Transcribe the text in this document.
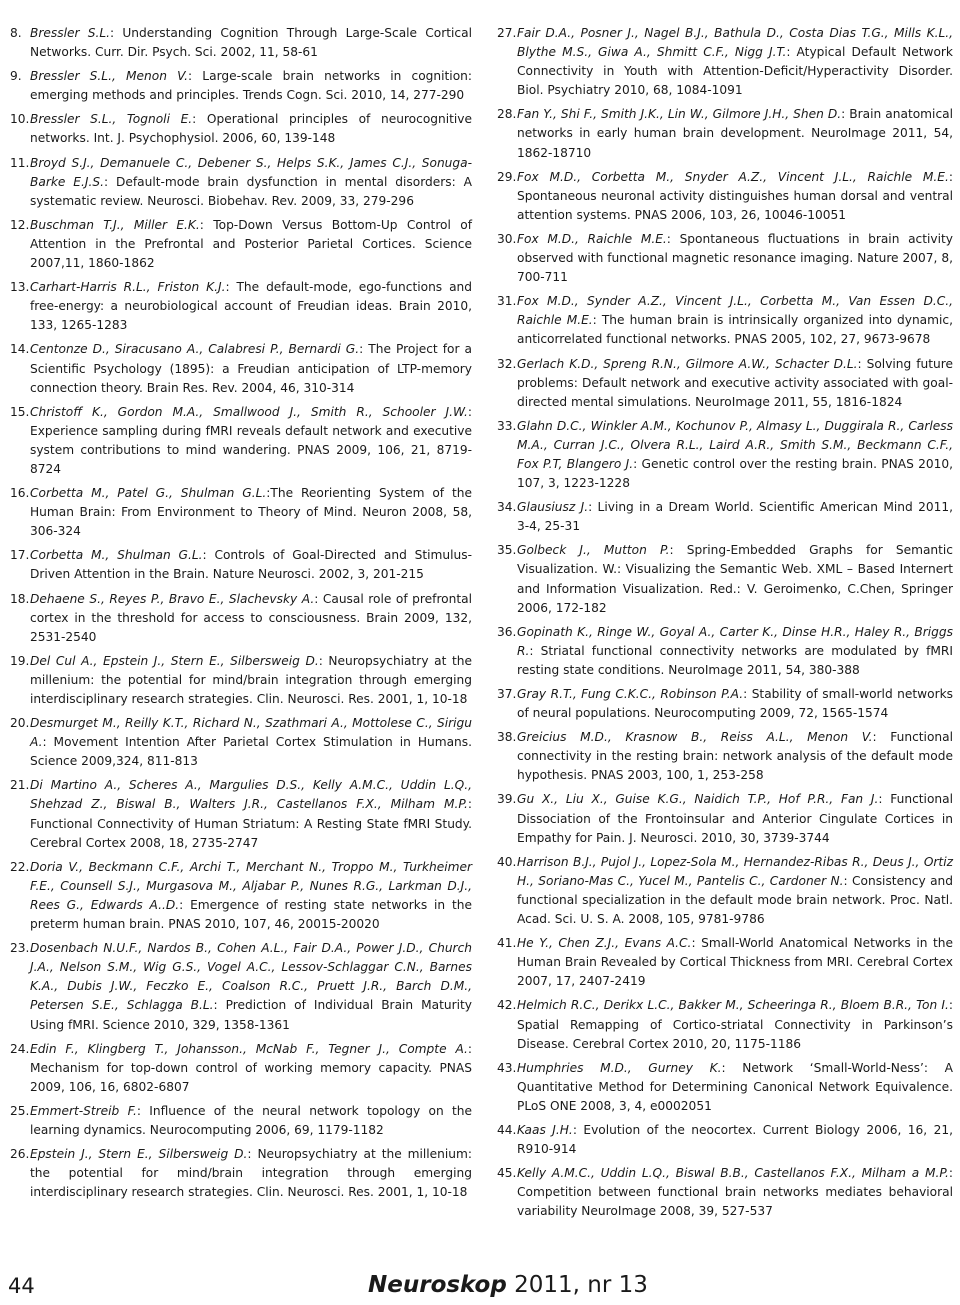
8. Bressler S.L.: Understanding Cognition Through Large-Scale Cortical Networks. Curr. Dir. Psych. Sci. 2002, 11, 58-61
9. Bressler S.L., Menon V.: Large-scale brain networks in cognition: emerging methods and principles. Trends Cogn. Sci. 2010, 14, 277-290
10. Bressler S.L., Tognoli E.: Operational principles of neurocognitive networks. Int. J. Psychophysiol. 2006, 60, 139-148
11. Broyd S.J., Demanuele C., Debener S., Helps S.K., James C.J., Sonuga-Barke E.J.S.: Default-mode brain dysfunction in mental disorders: A systematic review. Neurosci. Biobehav. Rev. 2009, 33, 279-296
12. Buschman T.J., Miller E.K.: Top-Down Versus Bottom-Up Control of Attention in the Prefrontal and Posterior Parietal Cortices. Science 2007,11, 1860-1862
13. Carhart-Harris R.L., Friston K.J.: The default-mode, ego-functions and free-energy: a neurobiological account of Freudian ideas. Brain 2010, 133, 1265-1283
14. Centonze D., Siracusano A., Calabresi P., Bernardi G.: The Project for a Scientific Psychology (1895): a Freudian anticipation of LTP-memory connection theory. Brain Res. Rev. 2004, 46, 310-314
15. Christoff K., Gordon M.A., Smallwood J., Smith R., Schooler J.W.: Experience sampling during fMRI reveals default network and executive system contributions to mind wandering. PNAS 2009, 106, 21, 8719-8724
16. Corbetta M., Patel G., Shulman G.L.:The Reorienting System of the Human Brain: From Environment to Theory of Mind. Neuron 2008, 58, 306-324
17. Corbetta M., Shulman G.L.: Controls of Goal-Directed and Stimulus-Driven Attention in the Brain. Nature Neurosci. 2002, 3, 201-215
18. Dehaene S., Reyes P., Bravo E., Slachevsky A.: Causal role of prefrontal cortex in the threshold for access to consciousness. Brain 2009, 132, 2531-2540
19. Del Cul A., Epstein J., Stern E., Silbersweig D.: Neuropsychiatry at the millenium: the potential for mind/brain integration through emerging interdisciplinary research strategies. Clin. Neurosci. Res. 2001, 1, 10-18
20. Desmurget M., Reilly K.T., Richard N., Szathmari A., Mottolese C., Sirigu A.: Movement Intention After Parietal Cortex Stimulation in Humans. Science 2009,324, 811-813
21. Di Martino A., Scheres A., Margulies D.S., Kelly A.M.C., Uddin L.Q., Shehzad Z., Biswal B., Walters J.R., Castellanos F.X., Milham M.P.: Functional Connectivity of Human Striatum: A Resting State fMRI Study. Cerebral Cortex 2008, 18, 2735-2747
22. Doria V., Beckmann C.F., Archi T., Merchant N., Troppo M., Turkheimer F.E., Counsell S.J., Murgasova M., Aljabar P., Nunes R.G., Larkman D.J., Rees G., Edwards A..D.: Emergence of resting state networks in the preterm human brain. PNAS 2010, 107, 46, 20015-20020
23. Dosenbach N.U.F., Nardos B., Cohen A.L., Fair D.A., Power J.D., Church J.A., Nelson S.M., Wig G.S., Vogel A.C., Lessov-Schlaggar C.N., Barnes K.A., Dubis J.W., Feczko E., Coalson R.C., Pruett J.R., Barch D.M., Petersen S.E., Schlagga B.L.: Prediction of Individual Brain Maturity Using fMRI. Science 2010, 329, 1358-1361
24. Edin F., Klingberg T., Johansson., McNab F., Tegner J., Compte A.: Mechanism for top-down control of working memory capacity. PNAS 2009, 106, 16, 6802-6807
25. Emmert-Streib F.: Influence of the neural network topology on the learning dynamics. Neurocomputing 2006, 69, 1179-1182
26. Epstein J., Stern E., Silbersweig D.: Neuropsychiatry at the millenium: the potential for mind/brain integration through emerging interdisciplinary research strategies. Clin. Neurosci. Res. 2001, 1, 10-18
27. Fair D.A., Posner J., Nagel B.J., Bathula D., Costa Dias T.G., Mills K.L., Blythe M.S., Giwa A., Shmitt C.F., Nigg J.T.: Atypical Default Network Connectivity in Youth with Attention-Deficit/Hyperactivity Disorder. Biol. Psychiatry 2010, 68, 1084-1091
28. Fan Y., Shi F., Smith J.K., Lin W., Gilmore J.H., Shen D.: Brain anatomical networks in early human brain development. NeuroImage 2011, 54, 1862-18710
29. Fox M.D., Corbetta M., Snyder A.Z., Vincent J.L., Raichle M.E.: Spontaneous neuronal activity distinguishes human dorsal and ventral attention systems. PNAS 2006, 103, 26, 10046-10051
30. Fox M.D., Raichle M.E.: Spontaneous fluctuations in brain activity observed with functional magnetic resonance imaging. Nature 2007, 8, 700-711
31. Fox M.D., Synder A.Z., Vincent J.L., Corbetta M., Van Essen D.C., Raichle M.E.: The human brain is intrinsically organized into dynamic, anticorrelated functional networks. PNAS 2005, 102, 27, 9673-9678
32. Gerlach K.D., Spreng R.N., Gilmore A.W., Schacter D.L.: Solving future problems: Default network and executive activity associated with goal-directed mental simulations. NeuroImage 2011, 55, 1816-1824
33. Glahn D.C., Winkler A.M., Kochunov P., Almasy L., Duggirala R., Carless M.A., Curran J.C., Olvera R.L., Laird A.R., Smith S.M., Beckmann C.F., Fox P.T, Blangero J.: Genetic control over the resting brain. PNAS 2010, 107, 3, 1223-1228
34. Glausiusz J.: Living in a Dream World. Scientific American Mind 2011, 3-4, 25-31
35. Golbeck J., Mutton P.: Spring-Embedded Graphs for Semantic Visualization. W.: Visualizing the Semantic Web. XML – Based Internert and Information Visualization. Red.: V. Geroimenko, C.Chen, Springer 2006, 172-182
36. Gopinath K., Ringe W., Goyal A., Carter K., Dinse H.R., Haley R., Briggs R.: Striatal functional connectivity networks are modulated by fMRI resting state conditions. NeuroImage 2011, 54, 380-388
37. Gray R.T., Fung C.K.C., Robinson P.A.: Stability of small-world networks of neural populations. Neurocomputing 2009, 72, 1565-1574
38. Greicius M.D., Krasnow B., Reiss A.L., Menon V.: Functional connectivity in the resting brain: network analysis of the default mode hypothesis. PNAS 2003, 100, 1, 253-258
39. Gu X., Liu X., Guise K.G., Naidich T.P., Hof P.R., Fan J.: Functional Dissociation of the Frontoinsular and Anterior Cingulate Cortices in Empathy for Pain. J. Neurosci. 2010, 30, 3739-3744
40. Harrison B.J., Pujol J., Lopez-Sola M., Hernandez-Ribas R., Deus J., Ortiz H., Soriano-Mas C., Yucel M., Pantelis C., Cardoner N.: Consistency and functional specialization in the default mode brain network. Proc. Natl. Acad. Sci. U. S. A. 2008, 105, 9781-9786
41. He Y., Chen Z.J., Evans A.C.: Small-World Anatomical Networks in the Human Brain Revealed by Cortical Thickness from MRI. Cerebral Cortex 2007, 17, 2407-2419
42. Helmich R.C., Derikx L.C., Bakker M., Scheeringa R., Bloem B.R., Ton I.: Spatial Remapping of Cortico-striatal Connectivity in Parkinson’s Disease. Cerebral Cortex 2010, 20, 1175-1186
43. Humphries M.D., Gurney K.: Network ‘Small-World-Ness’: A Quantitative Method for Determining Canonical Network Equivalence. PLoS ONE 2008, 3, 4, e0002051
44. Kaas J.H.: Evolution of the neocortex. Current Biology 2006, 16, 21, R910-914
45. Kelly A.M.C., Uddin L.Q., Biswal B.B., Castellanos F.X., Milham a M.P.: Competition between functional brain networks mediates behavioral variability NeuroImage 2008, 39, 527-537
44	Neuroskop 2011, nr 13
